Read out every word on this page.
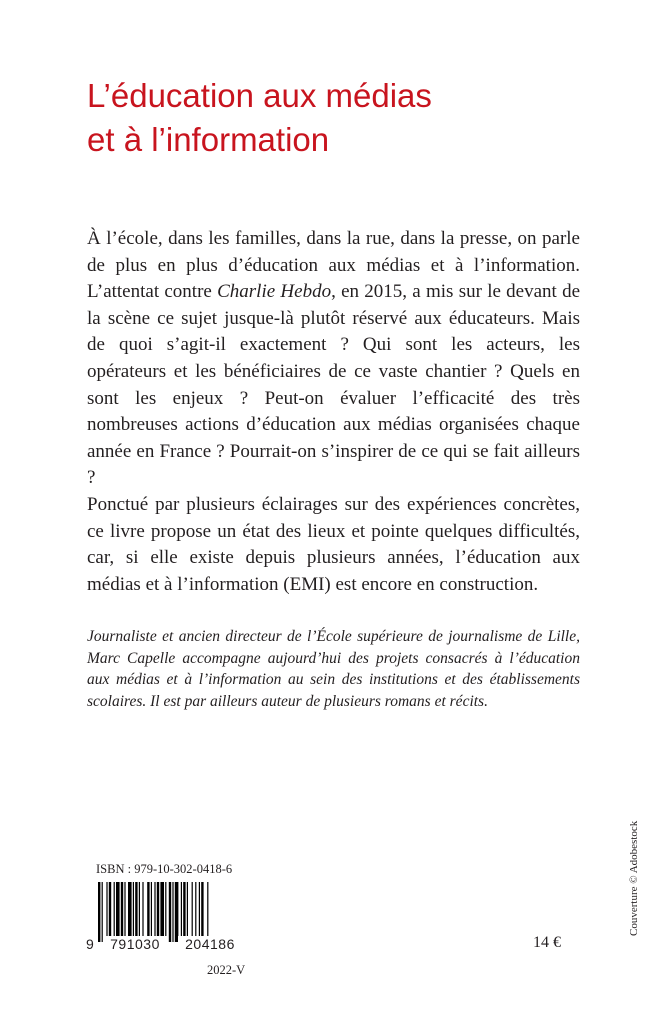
L’éducation aux médias
et à l’information

À l’école, dans les familles, dans la rue, dans la presse, on parle de plus en plus d’éducation aux médias et à l’information. L’attentat contre Charlie Hebdo, en 2015, a mis sur le devant de la scène ce sujet jusque-là plutôt réservé aux éducateurs. Mais de quoi s’agit-il exactement ? Qui sont les acteurs, les opérateurs et les bénéficiaires de ce vaste chantier ? Quels en sont les enjeux ? Peut-on évaluer l’efficacité des très nombreuses actions d’éducation aux médias organisées chaque année en France ? Pourrait-on s’inspirer de ce qui se fait ailleurs ?

Ponctué par plusieurs éclairages sur des expériences concrètes, ce livre propose un état des lieux et pointe quelques difficultés, car, si elle existe depuis plusieurs années, l’éducation aux médias et à l’information (EMI) est encore en construction.

Journaliste et ancien directeur de l’École supérieure de journalisme de Lille, Marc Capelle accompagne aujourd’hui des projets consacrés à l’éducation aux médias et à l’information au sein des institutions et des établissements scolaires. Il est par ailleurs auteur de plusieurs romans et récits.

ISBN : 979-10-302-0418-6
9	791030	204186
2022-V
14 €
Couverture © Adobestock
